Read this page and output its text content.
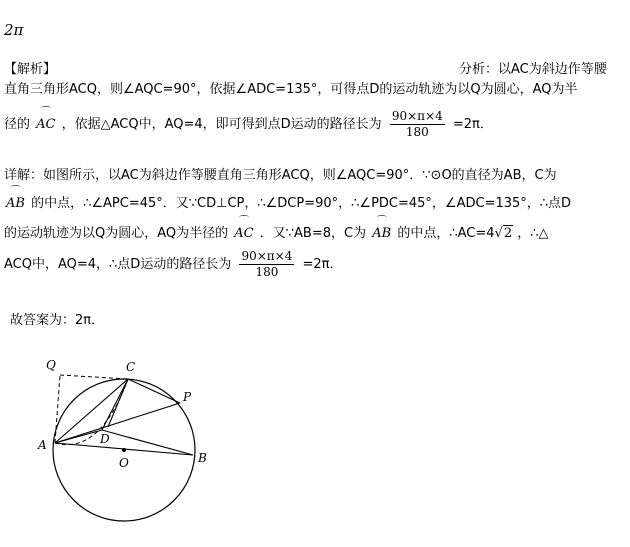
2π
【解析】	分析：以AC为斜边作等腰
直角三角形ACQ，则∠AQC=90°，依据∠ADC=135°，可得点D的运动轨迹为以Q为圆心，AQ为半
径的 ⌒ AC ，依据△ACQ中，AQ=4，即可得到点D运动的路径长为 $\frac{90\times\pi\times 4}{180} =2\pi$．
详解：如图所示，以AC为斜边作等腰直角三角形ACQ，则∠AQC=90°．∵⊙O的直径为AB，C为
⌒ AB 的中点，∴∠APC=45°．又∵CD⊥CP，∴∠DCP=90°，∴∠PDC=45°，∠ADC=135°，∴点D
的运动轨迹为以Q为圆心，AQ为半径的 ⌒ AC ．又∵AB=8，C为 ⌒ AB 的中点，∴AC=4√2 ，∴△
ACQ中，AQ=4，∴点D运动的路径长为 $\frac{90\times\pi\times 4}{180} =2\pi$．
故答案为：2π．
Q	C
P
A	D
O	B
